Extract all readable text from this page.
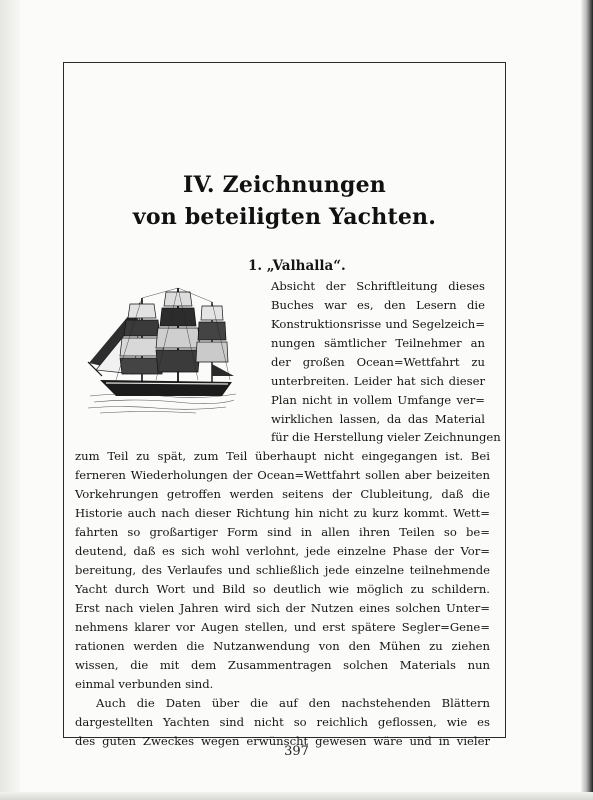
IV. Zeichnungen
von beteiligten Yachten.
1. „Valhalla“.
Absicht der Schriftleitung dieses
Buches war es, den Lesern die
Konstruktionsrisse und Segelzeich=
nungen sämtlicher Teilnehmer an
der großen Ocean=Wettfahrt zu
unterbreiten. Leider hat sich dieser
Plan nicht in vollem Umfange ver=
wirklichen lassen, da das Material
für die Herstellung vieler Zeichnungen
zum Teil zu spät, zum Teil überhaupt nicht eingegangen ist. Bei
ferneren Wiederholungen der Ocean=Wettfahrt sollen aber beizeiten
Vorkehrungen getroffen werden seitens der Clubleitung, daß die
Historie auch nach dieser Richtung hin nicht zu kurz kommt. Wett=
fahrten so großartiger Form sind in allen ihren Teilen so be=
deutend, daß es sich wohl verlohnt, jede einzelne Phase der Vor=
bereitung, des Verlaufes und schließlich jede einzelne teilnehmende
Yacht durch Wort und Bild so deutlich wie möglich zu schildern.
Erst nach vielen Jahren wird sich der Nutzen eines solchen Unter=
nehmens klarer vor Augen stellen, und erst spätere Segler=Gene=
rationen werden die Nutzanwendung von den Mühen zu ziehen
wissen, die mit dem Zusammentragen solchen Materials nun
einmal verbunden sind.
Auch die Daten über die auf den nachstehenden Blättern
dargestellten Yachten sind nicht so reichlich geflossen, wie es
des guten Zweckes wegen erwünscht gewesen wäre und in vieler
397
